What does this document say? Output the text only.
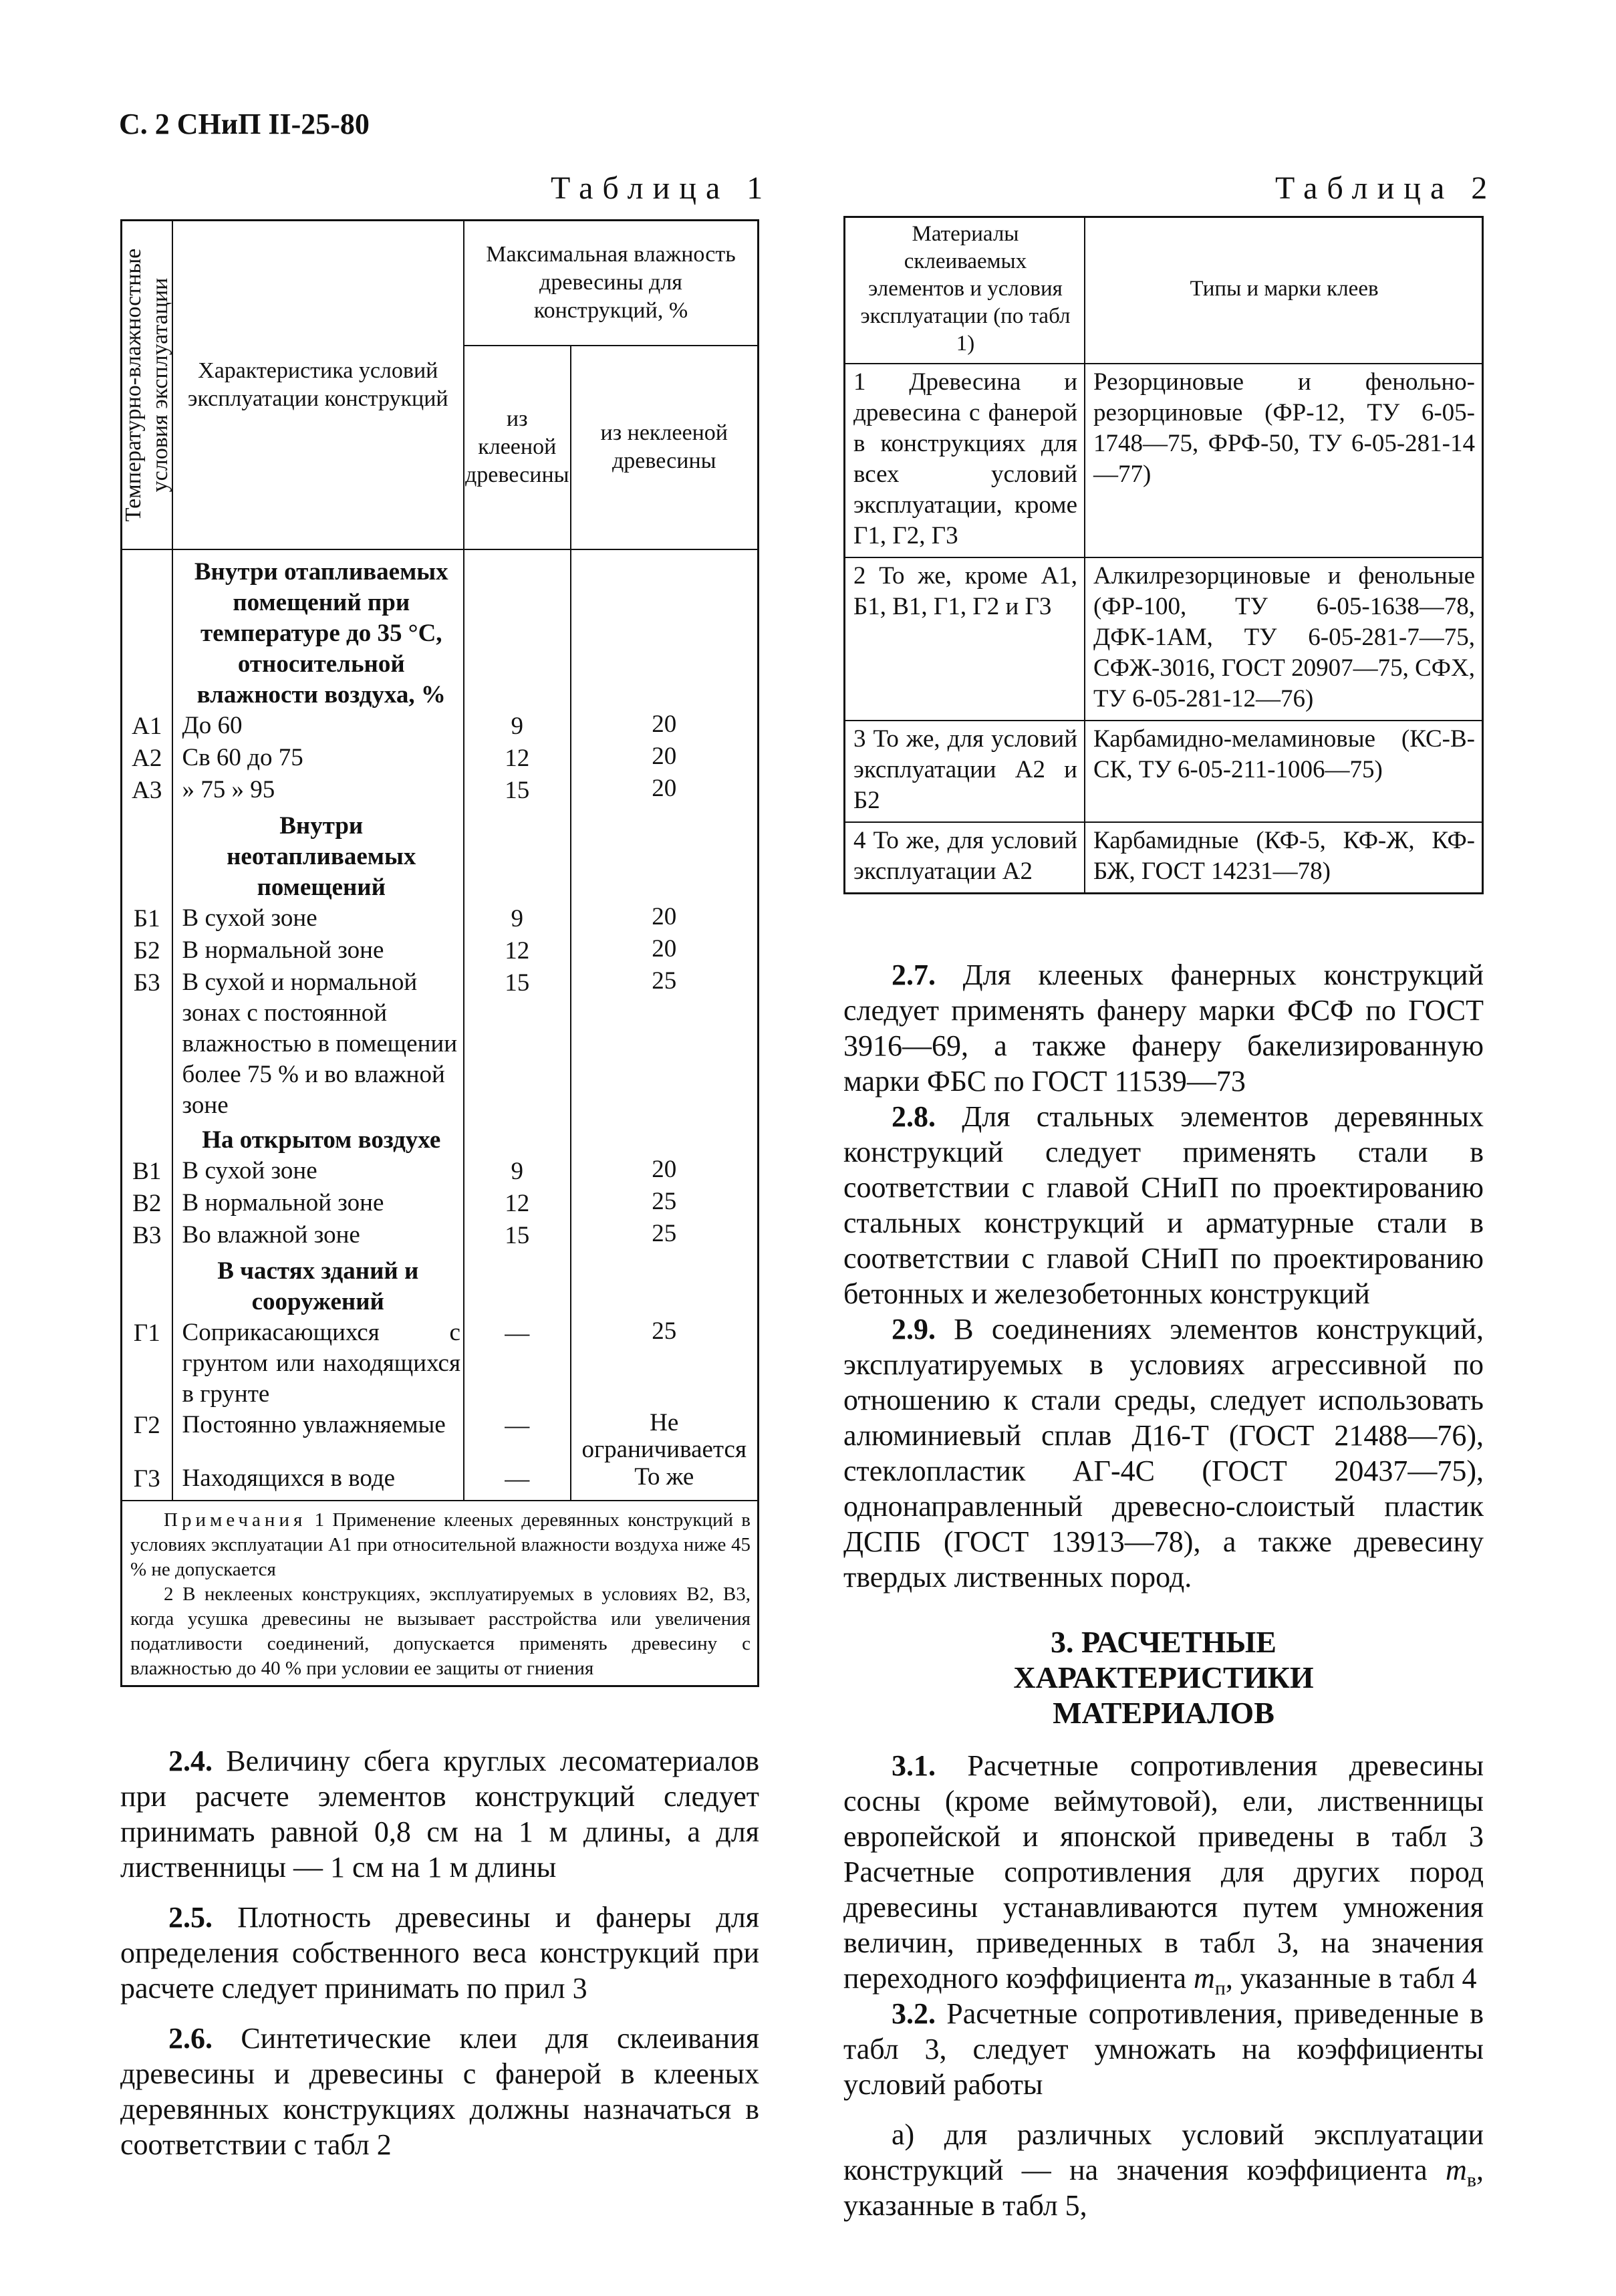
С. 2 СНиП II-25-80
Таблица 1	Таблица 2
Температурно-влажностные условия эксплуатации	Характеристика условий эксплуатации конструкций	Максимальная влажность древесины для конструкций, %	
		из клееной древесины	из неклееной древесины
	Внутри отапливаемых помещений при температуре до 35 °С, относительной влажности воздуха, %		
А1	До 60	9	20
А2	Св 60 до 75	12	20
А3	» 75 » 95	15	20
	Внутри неотапливаемых помещений		
Б1	В сухой зоне	9	20
Б2	В нормальной зоне	12	20
Б3	В сухой и нормальной зонах с постоянной влажностью в помещении более 75 % и во влажной зоне	15	25
	На открытом воздухе		
В1	В сухой зоне	9	20
В2	В нормальной зоне	12	25
В3	Во влажной зоне	15	25
	В частях зданий и сооружений		
Г1	Соприкасающихся с грунтом или находящихся в грунте	—	25
Г2	Постоянно увлажняемые	—	Не ограничивается
Г3	Находящихся в воде	—	То же

Примечания 1 Применение клееных деревянных конструкций в условиях эксплуатации А1 при относительной влажности воздуха ниже 45 % не допускается
2 В неклееных конструкциях, эксплуатируемых в условиях В2, В3, когда усушка древесины не вызывает расстройства или увеличения податливости соединений, допускается применять древесину с влажностью до 40 % при условии ее защиты от гниения			
Материалы склеиваемых элементов и условия эксплуатации (по табл 1)	Типы и марки клеев
1 Древесина и древесина с фанерой в конструкциях для всех условий эксплуатации, кроме Г1, Г2, Г3	Резорциновые и фенольно-резорциновые (ФР-12, ТУ 6-05-1748—75, ФРФ-50, ТУ 6-05-281-14—77)
2 То же, кроме А1, Б1, В1, Г1, Г2 и Г3	Алкилрезорциновые и фенольные (ФР-100, ТУ 6-05-1638—78, ДФК-1АМ, ТУ 6-05-281-7—75, СФЖ-3016, ГОСТ 20907—75, СФХ, ТУ 6-05-281-12—76)
3 То же, для условий эксплуатации А2 и Б2	Карбамидно-меламиновые (КС-В-СК, ТУ 6-05-211-1006—75)
4 То же, для условий эксплуатации А2	Карбамидные (КФ-5, КФ-Ж, КФ-БЖ, ГОСТ 14231—78)

2.4. Величину сбега круглых лесоматериалов при расчете элементов конструкций следует принимать равной 0,8 см на 1 м длины, а для лиственницы — 1 см на 1 м длины

2.5. Плотность древесины и фанеры для определения собственного веса конструкций при расчете следует принимать по прил 3

2.6. Синтетические клеи для склеивания древесины и древесины с фанерой в клееных деревянных конструкциях должны назначаться в соответствии с табл 2

2.7. Для клееных фанерных конструкций следует применять фанеру марки ФСФ по ГОСТ 3916—69, а также фанеру бакелизированную марки ФБС по ГОСТ 11539—73

2.8. Для стальных элементов деревянных конструкций следует применять стали в соответствии с главой СНиП по проектированию стальных конструкций и арматурные стали в соответствии с главой СНиП по проектированию бетонных и железобетонных конструкций

2.9. В соединениях элементов конструкций, эксплуатируемых в условиях агрессивной по отношению к стали среды, следует использовать алюминиевый сплав Д16-Т (ГОСТ 21488—76), стеклопластик АГ-4С (ГОСТ 20437—75), однонаправленный древесно-слоистый пластик ДСПБ (ГОСТ 13913—78), а также древесину твердых лиственных пород.

3. РАСЧЕТНЫЕ ХАРАКТЕРИСТИКИ МАТЕРИАЛОВ

3.1. Расчетные сопротивления древесины сосны (кроме веймутовой), ели, лиственницы европейской и японской приведены в табл 3 Расчетные сопротивления для других пород древесины устанавливаются путем умножения величин, приведенных в табл 3, на значения переходного коэффициента $m_п$, указанные в табл 4

3.2. Расчетные сопротивления, приведенные в табл 3, следует умножать на коэффициенты условий работы

а) для различных условий эксплуатации конструкций — на значения коэффициента $m_в$, указанные в табл 5,
